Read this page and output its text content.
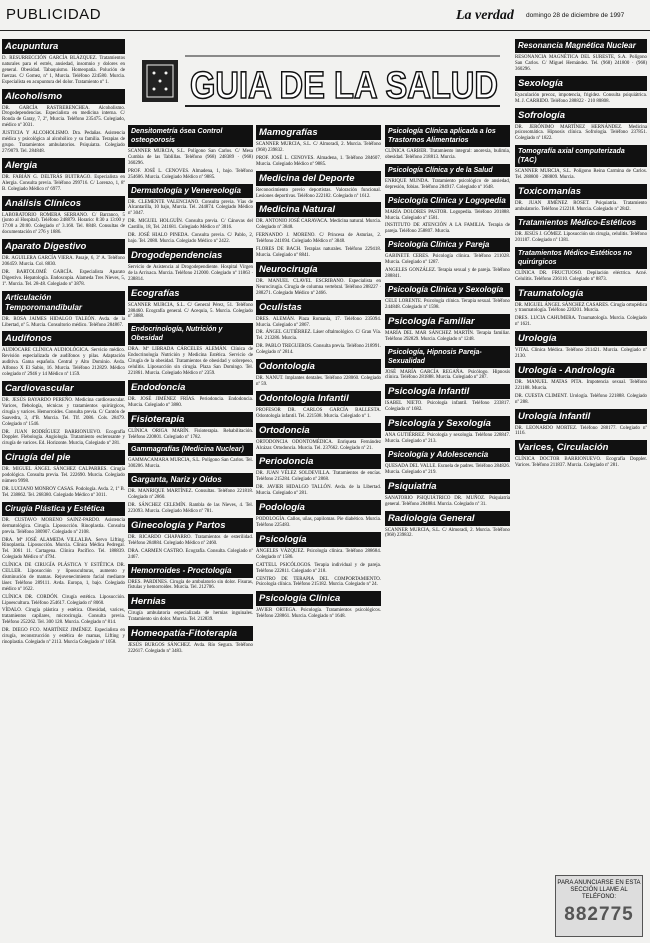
PUBLICIDAD	La verdad domingo 28 de diciembre de 1997
Acupuntura

D. RESURRECCIÓN GARCÍA BLÁZQUEZ. Tratamientos naturales para el estrés, ansiedad, insomnio y dolores en general. Obesidad. Tabaquismo. Homeopatía. Polución de fuerzas. C/ Gomez, nº 1, Murcia. Teléfono 224580. Murcia. Especialista en acupuntura del dolor. Tratamiento nº 1.

Alcoholismo

DR. GARCÍA RASTRERENCHEA. Alcoholismo. Drogodependencias. Especialista en medicina interna. C/ Ronda de Garay, 7, 2º, Murcia. Teléfono 235475. Colegiado, médico nº 3031.

JUSTICIA Y ALCOHOLISMO. Dra. Pedañas. Asistencia médica y psicológica al alcohólico y su familia. Terapias de grupo. Tratamientos ambulatorios. Psiquiatra. Colegiado 27/9079. Tel. 284848.

Alergia

DR. FABIÁN G. DELTRÁS BUITRAGO. Especialista en Alergia. Consulta previa. Teléfono 299716. C/ Lorenzo, 1, 8º B. Colegiado Médico nº 6977.

Análisis Clínicos

LABORATORIO ROMERA SERRANO. C/ Barranco, 5 (junto al Hospital). Teléfono 248879. Horario: 8:30 a 13:00 y 17:00 a 20:00. Colegiado nº 3.160. Tel. 8848. Consultas de documentación nº 276 y 1886.

Aparato Digestivo

DR. AGUILERA GARCÍA VIERA. Pasaje, 6, 3º A. Teléfono 206459. Murcia. Col. 8830.

DR. BARTOLOMÉ GARCÍA. Especialista Aparato Digestivo. Hepatología. Endoscopia. Alameda Tres Nieves, 5, 1º. Murcia. Tel. 28-48. Colegiado nº 3878.

Articulación Temporomandibular

DR. ROSA JAIMES HIDALGO TALEÓN. Avda. de la Libertad, nº 5. Murcia. Consultorio médico. Teléfono 284867.

Audífonos

AUDIOCARE CLÍNICA AUDIOLÓGICA. Servicio médico. Revisión especializada de audífonos y pilas. Adaptación auditiva. Gama española. Central y Alto Dominio. Avda. Alfonso X El Sabio, 16. Murcia. Teléfono 212829. Médico colegiado nº 2946 y 14 Médico nº 1159.

Cardiovascular

DR. JESÚS BAYARDO PEREÑO. Medicina cardiovascular. Varices, flebología, técnicas y tratamientos quirúrgicos, cirugía y varices. Hemorroides. Consulta previa. C/ Cantón de Saavedra, 3, 4ºB. Murcia. Tel. Tlf. 2086. Cols. 28479. Colegiado nº 1546.

DR. JUAN RODRÍGUEZ BARRIONUEVO. Ecografía Doppler. Flebología. Angiología. Tratamiento esclerosante y cirugía de varices. Ed. Horizonte. Murcia, Colegiado nº 281.

Cirugía del pie

DR. MIGUEL ÁNGEL SÁNCHEZ CALPARRES. Cirugía podológica. Consulta previa. Tel. 222690. Murcia. Colegiado número 9998.

DR. LUCIANO MONROY CASAS. Podología. Avda. 2, 1º B. Tel. 238862. Tel. 268380. Colegiado Médico nº 3011.

Cirugía Plástica y Estética

DR. CUSTAVO MORENO SAINZ-PARDO. Asistencia dermatológica. Cirugía. Liposucción. Rinoplastia. Consulta previa. Teléfono 380907. Colegiado nº 2108.

DRA. Mª JOSÉ ALAMEDA VILLALBA. Servo Lifting. Rinoplastia. Liposucción. Murcia. Clínica Médica Pedregal. Tel. 3061 11. Cartagena. Clínica Pacífico. Tel. 188839. Colegiado Médico nº 4794.

CLÍNICA DE CIRUGÍA PLÁSTICA Y ESTÉTICA DR. CELLER. Liposucción y liposuculturas, aumento y disminución de mamas. Rejuvenecimiento facial mediante láser. Teléfono 289111. Avda. Europa, 1, bajo. Colegiado médico nº 1622.

CLÍNICA DR. CORDÓN. Cirugía estética. Liposucción. Lipoescultura. Teléfono 254617. Colegiado nº 8060.

VÍDALO. Cirugía plástica y estética. Obesidad, varices, tratamientos capilares, microcirugía. Consulta previa. Teléfono 252262. Tel. 300 128. Murcia. Colegiado nº 814.

DR. DIEGO FCO. MARTÍNEZ JIMÉNEZ. Especialista en cirugía, reconstrucción y estética de mamas, Lifting y rinoplastia. Colegiado nº 2113. Murcia Colegiado nº 1058.

Densitometría ósea Control osteoporosis

SCANNER MURCIA, S.L. Polígono San Carlos. C/ Mesa Cumbia de las Tablillas. Teléfono (968) 248389 · (968) 360296.

PROF. JOSÉ L. CENOVES. Almadena, 1, bajo. Teléfono 254606. Murcia. Colegiado Médico nº 9885.

Dermatología y Venereología

DR. CLEMENTE VALENCIANO. Consulta previa. Vías de Alcantarilla, 10 bajo, Murcia. Tel. 244874. Colegiado Médico nº 3047.

DR. MIGUEL HOLGUÍN. Consulta previa. C/ Cánovas del Castillo, 18, Tel. 241681. Colegiado Médico nº 3016.

DR. JOSÉ HIALO PINEDA. Consulta previa. C/ Pablo, 2, bajo. Tel. 2080. Murcia. Colegiado Médico nº 2422.

Drogodependencias

Servicio de Asistencia al Drogodependiente. Hospital Vírgen de la Arrixaca. Murcia. Teléfono 212000. Colegiado nº 11863 · 238814.

Ecografías

SCANNER MURCIA, S.L. C/ General Pérez, 51. Teléfono 288460. Ecografía general. C/ Acequia, 5. Murcia. Colegiado nº 3888.

Endocrinología, Nutrición y Obesidad

DRA. Mª LIBRADA CÁRCELES ALEMÁN. Clínica de Endocrinología Nutrición y Medicina Estética. Servicio de Cirugía de la obesidad. Tratamientos de obesidad y sobrepeso, celulitis. Liposucción sin cirugía. Plaza San Domingo. Tel. 221861. Murcia. Colegiado Médico nº 2359.

Endodoncia

DR. JOSÉ JIMÉNEZ FRÍAS. Periodoncia. Endodoncia. Murcia. Colegiado nº 3880.

Fisioterapia

CLÍNICA ORIGA MARÍN. Fisioterapia. Rehabilitación. Teléfono 220801. Colegiado nº 1782.

Gammagrafías (Medicina Nuclear)

GAMMACAMARA MURCIA, S.L. Polígono San Carlos. Tel. 300206. Murcia.

Garganta, Nariz y Oídos

DR. MANRIQUE MARTÍNEZ. Consultas. Teléfono 221818. Colegiado nº 2860.

DR. SÁNCHEZ CELEMÍN. Rambla de las Nieves, 4. Tel. 223093. Murcia. Colegiado Médico nº 781.

Ginecología y Partos

DR. RICARDO CHAPARRO. Tratamientos de esterilidad. Teléfono 284884. Colegiado Médico nº 2460.

DRA. CARMEN CASTRO. Ecografía. Consulta. Colegiado nº 2467.

Hemorroides - Proctología

DRES. PARDINES. Cirugía de ambulatorio sin dolor. Fisuras, fístulas y hemorroides. Murcia. Tel. 212706.

Hernias

Cirugía ambulatoria especializada de hernias inguinales. Tratamiento sin dolor. Murcia. Tel. 212839.

Homeopatía-Fitoterapia

JESÚS BURGOS SÁNCHEZ. Avda. Río Segura. Teléfono 222617. Colegiado nº 3483.

Mamografías

SCANNER MURCIA, S.L. C/ Almoradí, 2. Murcia. Teléfono (968) 239832.

PROF. JOSÉ L. CENOVES. Almadena, 1. Teléfono 284607. Murcia. Colegiado Médico nº 9885.

Medicina del Deporte

Reconocimiento previo deportistas. Valoración funcional. Lesiones deportivas. Teléfono 222182. Colegiado nº 1612.

Medicina Natural

DR. ANTONIO JOSÉ CARAVACA. Medicina natural. Murcia. Colegiado nº 3848.

FERNANDO J. MORENO. C/ Princesa de Asturias, 2. Teléfono 241694. Colegiado Médico nº 3848.

FLORES DE BACH. Terapias naturales. Teléfono 229418. Murcia. Colegiado nº 8841.

Neurocirugía

DR. MANUEL CLAVEL ESCRIBANO. Especialista en Neurocirugía. Cirugía de columna vertebral. Teléfono 288227 · 288271. Colegiado Médico nº 2466.

Oculistas

DRES. ALEMÁN. Plaza Romanía, 17. Teléfono 235094. Murcia. Colegiado nº 2867.

DR. ÁNGEL GUTIÉRREZ. Láser oftalmológico. C/ Gran Vía. Tel. 213286. Murcia.

DR. PABLO TREGUEROS. Consulta previa. Teléfono 218991. Colegiado nº 2814.

Odontología

DR. NANUT. Implantes dentales. Teléfono 228060. Colegiado nº 59.

Odontología Infantil

PROFESOR DR. CARLOS GARCÍA BALLESTA. Odontología infantil. Tel. 221508. Murcia. Colegiado nº 1.

Ortodoncia

ORTODONCIA ODONTOMÉDICA. Enriqueta Fernández Alcázar. Ortodoncia. Murcia. Tel. 237662. Colegiado nº 21.

Periodoncia

DR. JUAN VÉLEZ SOLDEVILLA. Tratamientos de encías. Teléfono 215284. Colegiado nº 2868.

DR. JAVIER HIDALGO TALLÓN. Avda. de la Libertad. Murcia. Colegiado nº 281.

Podología

PODOLOGÍA. Callos, uñas, papilomas. Pie diabético. Murcia. Teléfono 225483.

Psicología

ÁNGELES VÁZQUEZ. Psicología clínica. Teléfono 288684. Colegiado nº 1586.

CATTELL PSICÓLOGOS. Terapia individual y de pareja. Teléfono 222811. Colegiado nº 218.

CENTRO DE TERAPIA DEL COMPORTAMIENTO. Psicología clínica. Teléfono 215182. Murcia. Colegiado nº 24.

Psicología Clínica

JAVIER ORTEGA. Psicología. Tratamientos psicológicos. Teléfono 228861. Murcia. Colegiado nº 1648.

Psicología Clínica aplicada a los Trastornos Alimentarios

CLÍNICA GARBER. Tratamiento integral: anorexia, bulimia, obesidad. Teléfono 218813. Murcia.

Psicología Clínica y de la Salud

ENRIQUE MUNDA. Tratamiento psicológico de ansiedad, depresión, fobias. Teléfono 284917. Colegiado nº 1648.

Psicología Clínica y Logopedia

MARÍA DOLORES PASTOR. Logopedia. Teléfono 201888. Murcia. Colegiado nº 1581.

INSTITUTO DE ATENCIÓN A LA FAMILIA. Terapia de pareja. Teléfono 258807. Murcia.

Psicología Clínica y Pareja

GABINETE CERES. Psicología clínica. Teléfono 211028. Murcia. Colegiado nº 1287.

ANGELES GONZÁLEZ. Terapia sexual y de pareja. Teléfono 288841.

Psicología Clínica y Sexología

CELE LORENTE. Psicología clínica. Terapia sexual. Teléfono 244848. Colegiado nº 1598.

Psicología Familiar

MARÍA DEL MAR SÁNCHEZ MARTÍN. Terapia familiar. Teléfono 292829. Murcia. Colegiado nº 1248.

Psicología, Hipnosis Pareja-Sexualidad

JOSÉ MARÍA GARCÍA REGAÑA. Psicólogo. Hipnosis clínica. Teléfono 281888. Murcia. Colegiado nº 287.

Psicología Infantil

ISABEL NIETO. Psicología infantil. Teléfono 233817. Colegiado nº 1682.

Psicología y Sexología

ANA GUTIÉRREZ. Psicología y sexología. Teléfono 228847. Murcia. Colegiado nº 213.

Psicología y Adolescencia

QUESADA DEL VALLE. Escuela de padres. Teléfono 284826. Murcia. Colegiado nº 219.

Psiquiatría

SANATORIO PSIQUIÁTRICO DR. MUÑOZ. Psiquiatría general. Teléfono 284884. Murcia. Colegiado nº 31.

Radiología General

SCANNER MURCIA, S.L. C/ Almoradí, 2. Murcia. Teléfono (968) 239832.

Resonancia Magnética Nuclear

RESONANCIA MAGNÉTICA DEL SURESTE, S.A. Polígono San Carlos. C/ Miguel Hernández. Tel. (968) 241800 · (968) 360296.

Sexología

Eyaculación precoz, impotencia, frigidez. Consulta psiquiátrica. M. J. CARRIDO. Teléfono 288822 · 210 80808.

Sofrología

DR. JERÓNIMO MARTÍNEZ HERNÁNDEZ. Medicina psicosomática. Hipnosis clínica. Sofrología. Teléfono 237851. Colegiado nº 1822.

Tomografía axial computerizada (TAC)

SCANNER MURCIA, S.L. Polígono Reina Carmina de Carlos. Tel. 288800 · 288809. Murcia.

Toxicomanías

DR. JUAN JIMÉNEZ ROSET. Psiquiatría. Tratamiento ambulatorio. Teléfono 212218. Murcia. Colegiado nº 2842.

Tratamientos Médico-Estéticos

DR. JESÚS J. GÓMEZ. Liposucción sin cirugía, celulitis. Teléfono 201187. Colegiado nº 1381.

Tratamientos Médico-Estéticos no quirúrgicos

CLÍNICA DR. FRUCTUOSO. Depilación eléctrica. Acné. Celulitis. Teléfono 236110. Colegiado nº 8873.

Traumatología

DR. MIGUEL ÁNGEL SÁNCHEZ CASARES. Cirugía ortopédica y traumatología. Teléfono 220201. Murcia.

DRES. LUCIA CAHUMERA. Traumatología. Murcia. Colegiado nº 1621.

Urología

VITAL Clínica Médica. Teléfono 211421. Murcia. Colegiado nº 2130.

Urología - Andrología

DR. MANUEL MATAS PITA. Impotencia sexual. Teléfono 221188. Murcia.

DR. CUESTA CLIMENT. Urología. Teléfono 221888. Colegiado nº 288.

Urología Infantil

DR. LEONARDO MORTEZ. Teléfono 288177. Colegiado nº 1116.

Varices, Circulación

CLÍNICA DOCTOR BARRIONUEVO. Ecografía Doppler. Varices. Teléfono 211837. Murcia. Colegiado nº 281.

GUIA DE LA SALUD
PARA ANUNCIARSE EN ESTA SECCIÓN LLAME AL TELÉFONO:
882775
